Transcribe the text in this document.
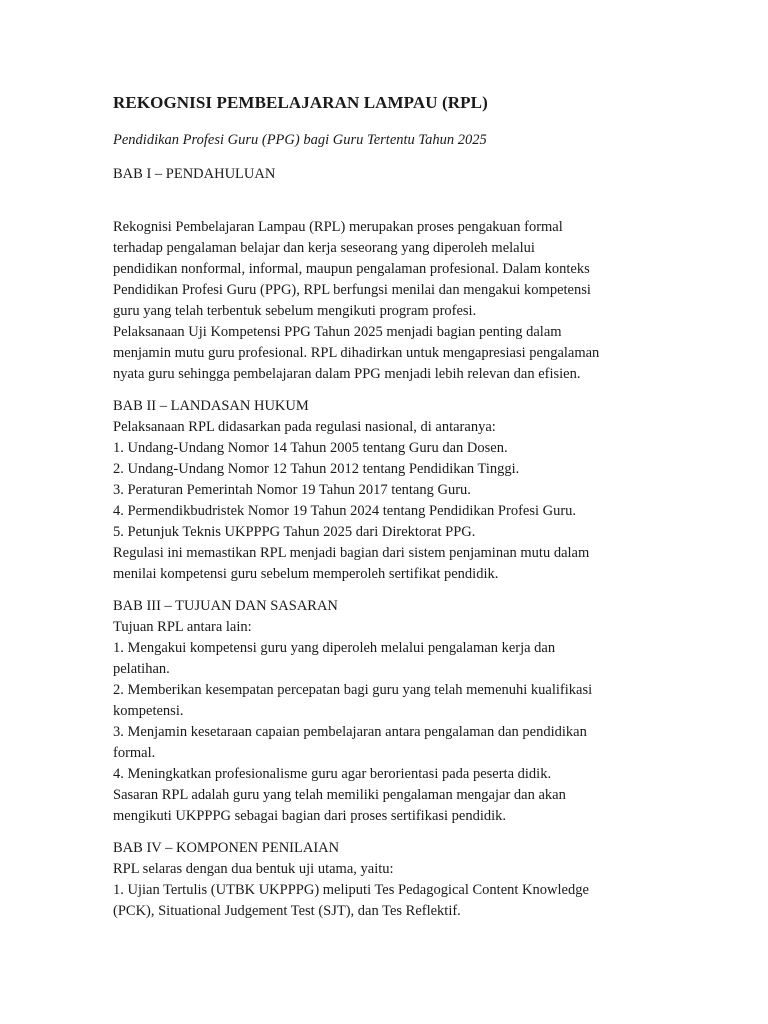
REKOGNISI PEMBELAJARAN LAMPAU (RPL)
Pendidikan Profesi Guru (PPG) bagi Guru Tertentu Tahun 2025
BAB I – PENDAHULUAN
Rekognisi Pembelajaran Lampau (RPL) merupakan proses pengakuan formal
terhadap pengalaman belajar dan kerja seseorang yang diperoleh melalui
pendidikan nonformal, informal, maupun pengalaman profesional. Dalam konteks
Pendidikan Profesi Guru (PPG), RPL berfungsi menilai dan mengakui kompetensi
guru yang telah terbentuk sebelum mengikuti program profesi.
Pelaksanaan Uji Kompetensi PPG Tahun 2025 menjadi bagian penting dalam
menjamin mutu guru profesional. RPL dihadirkan untuk mengapresiasi pengalaman
nyata guru sehingga pembelajaran dalam PPG menjadi lebih relevan dan efisien.
BAB II – LANDASAN HUKUM
Pelaksanaan RPL didasarkan pada regulasi nasional, di antaranya:
1. Undang-Undang Nomor 14 Tahun 2005 tentang Guru dan Dosen.
2. Undang-Undang Nomor 12 Tahun 2012 tentang Pendidikan Tinggi.
3. Peraturan Pemerintah Nomor 19 Tahun 2017 tentang Guru.
4. Permendikbudristek Nomor 19 Tahun 2024 tentang Pendidikan Profesi Guru.
5. Petunjuk Teknis UKPPPG Tahun 2025 dari Direktorat PPG.
Regulasi ini memastikan RPL menjadi bagian dari sistem penjaminan mutu dalam
menilai kompetensi guru sebelum memperoleh sertifikat pendidik.
BAB III – TUJUAN DAN SASARAN
Tujuan RPL antara lain:
1. Mengakui kompetensi guru yang diperoleh melalui pengalaman kerja dan
pelatihan.
2. Memberikan kesempatan percepatan bagi guru yang telah memenuhi kualifikasi
kompetensi.
3. Menjamin kesetaraan capaian pembelajaran antara pengalaman dan pendidikan
formal.
4. Meningkatkan profesionalisme guru agar berorientasi pada peserta didik.
Sasaran RPL adalah guru yang telah memiliki pengalaman mengajar dan akan
mengikuti UKPPPG sebagai bagian dari proses sertifikasi pendidik.
BAB IV – KOMPONEN PENILAIAN
RPL selaras dengan dua bentuk uji utama, yaitu:
1. Ujian Tertulis (UTBK UKPPPG) meliputi Tes Pedagogical Content Knowledge
(PCK), Situational Judgement Test (SJT), dan Tes Reflektif.
